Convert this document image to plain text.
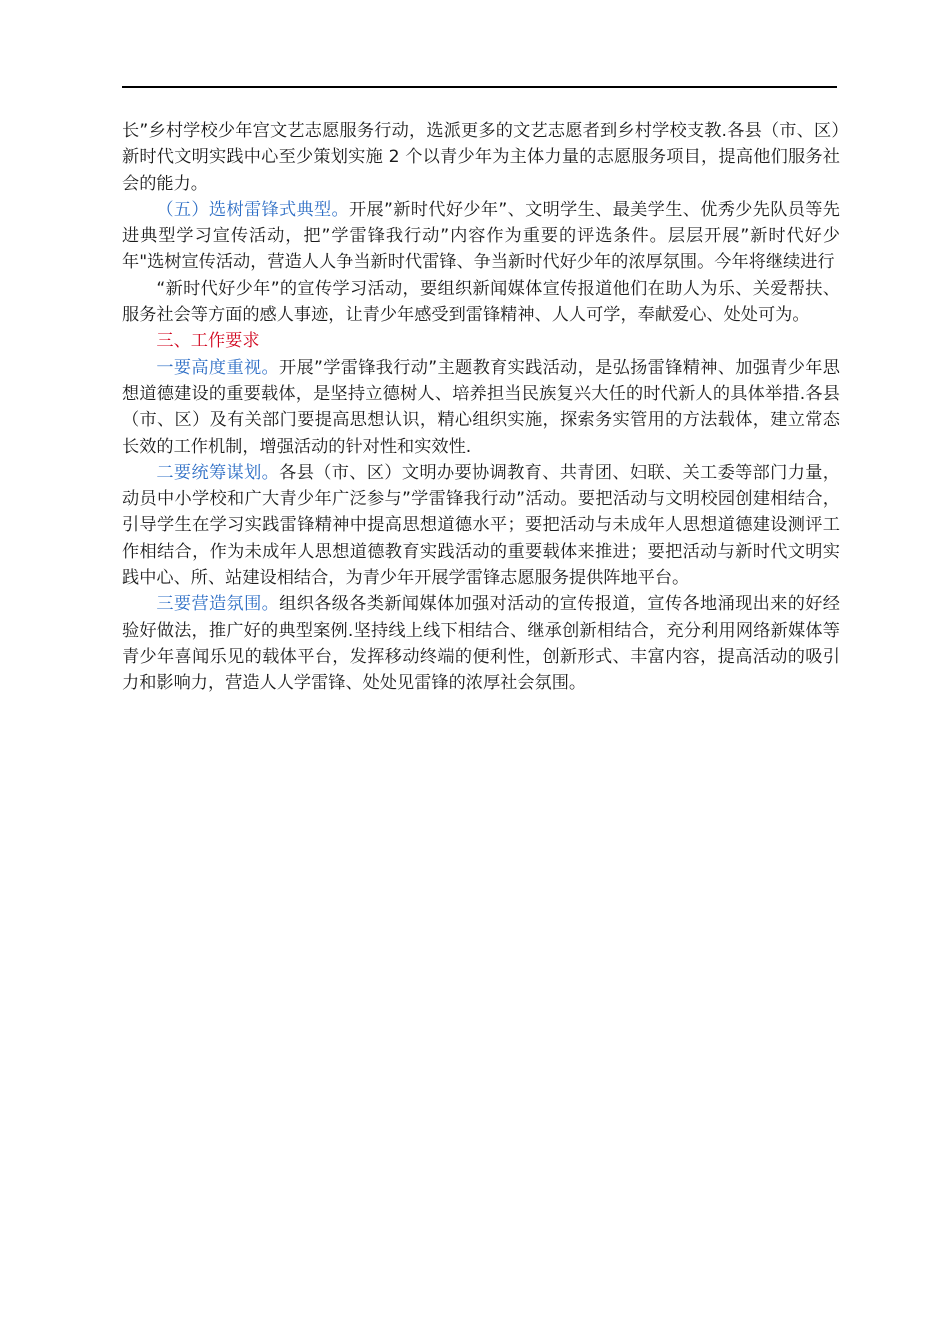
长”乡村学校少年宫文艺志愿服务行动，选派更多的文艺志愿者到乡村学校支教.各县（市、区）新时代文明实践中心至少策划实施 2 个以青少年为主体力量的志愿服务项目，提高他们服务社会的能力。

（五）选树雷锋式典型。开展”新时代好少年”、文明学生、最美学生、优秀少先队员等先进典型学习宣传活动，把”学雷锋我行动”内容作为重要的评选条件。层层开展”新时代好少年"选树宣传活动，营造人人争当新时代雷锋、争当新时代好少年的浓厚氛围。今年将继续进行

“新时代好少年”的宣传学习活动，要组织新闻媒体宣传报道他们在助人为乐、关爱帮扶、服务社会等方面的感人事迹，让青少年感受到雷锋精神、人人可学，奉献爱心、处处可为。

三、工作要求

一要高度重视。开展”学雷锋我行动”主题教育实践活动，是弘扬雷锋精神、加强青少年思想道德建设的重要载体，是坚持立德树人、培养担当民族复兴大任的时代新人的具体举措.各县（市、区）及有关部门要提高思想认识，精心组织实施，探索务实管用的方法载体，建立常态长效的工作机制，增强活动的针对性和实效性.

二要统筹谋划。各县（市、区）文明办要协调教育、共青团、妇联、关工委等部门力量，动员中小学校和广大青少年广泛参与”学雷锋我行动”活动。要把活动与文明校园创建相结合，引导学生在学习实践雷锋精神中提高思想道德水平；要把活动与未成年人思想道德建设测评工作相结合，作为未成年人思想道德教育实践活动的重要载体来推进；要把活动与新时代文明实践中心、所、站建设相结合，为青少年开展学雷锋志愿服务提供阵地平台。

三要营造氛围。组织各级各类新闻媒体加强对活动的宣传报道，宣传各地涌现出来的好经验好做法，推广好的典型案例.坚持线上线下相结合、继承创新相结合，充分利用网络新媒体等青少年喜闻乐见的载体平台，发挥移动终端的便利性，创新形式、丰富内容，提高活动的吸引力和影响力，营造人人学雷锋、处处见雷锋的浓厚社会氛围。
